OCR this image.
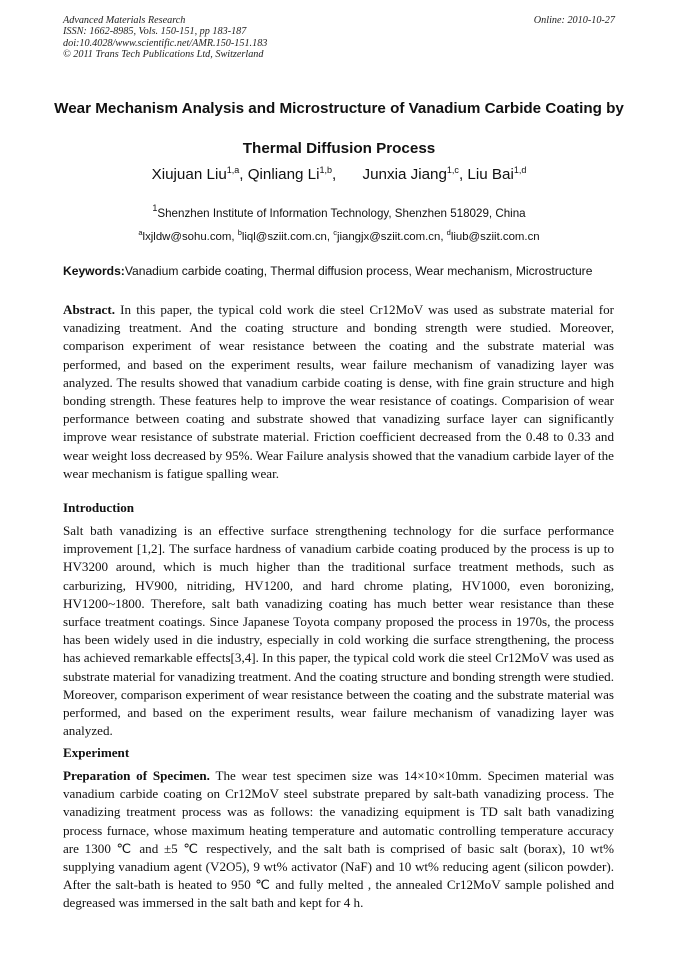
Advanced Materials Research
ISSN: 1662-8985, Vols. 150-151, pp 183-187
doi:10.4028/www.scientific.net/AMR.150-151.183
© 2011 Trans Tech Publications Ltd, Switzerland
Online: 2010-10-27
Wear Mechanism Analysis and Microstructure of Vanadium Carbide Coating by Thermal Diffusion Process
Xiujuan Liu$^{1,a}$, Qinliang Li$^{1,b}$, Junxia Jiang$^{1,c}$, Liu Bai$^{1,d}$
$^1$Shenzhen Institute of Information Technology, Shenzhen 518029, China
$^a$lxjldw@sohu.com, $^b$liql@sziit.com.cn, $^c$jiangjx@sziit.com.cn, $^d$liub@sziit.com.cn
Keywords:Vanadium carbide coating, Thermal diffusion process, Wear mechanism, Microstructure

Abstract. In this paper, the typical cold work die steel Cr12MoV was used as substrate material for vanadizing treatment. And the coating structure and bonding strength were studied. Moreover, comparison experiment of wear resistance between the coating and the substrate material was performed, and based on the experiment results, wear failure mechanism of vanadizing layer was analyzed. The results showed that vanadium carbide coating is dense, with fine grain structure and high bonding strength. These features help to improve the wear resistance of coatings. Comparision of wear performance between coating and substrate showed that vanadizing surface layer can significantly improve wear resistance of substrate material. Friction coefficient decreased from the 0.48 to 0.33 and wear weight loss decreased by 95%. Wear Failure analysis showed that the vanadium carbide layer of the wear mechanism is fatigue spalling wear.

Introduction

Salt bath vanadizing is an effective surface strengthening technology for die surface performance improvement [1,2]. The surface hardness of vanadium carbide coating produced by the process is up to HV3200 around, which is much higher than the traditional surface treatment methods, such as carburizing, HV900, nitriding, HV1200, and hard chrome plating, HV1000, even boronizing, HV1200~1800. Therefore, salt bath vanadizing coating has much better wear resistance than these surface treatment coatings. Since Japanese Toyota company proposed the process in 1970s, the process has been widely used in die industry, especially in cold working die surface strengthening, the process has achieved remarkable effects[3,4]. In this paper, the typical cold work die steel Cr12MoV was used as substrate material for vanadizing treatment. And the coating structure and bonding strength were studied. Moreover, comparison experiment of wear resistance between the coating and the substrate material was performed, and based on the experiment results, wear failure mechanism of vanadizing layer was analyzed.

Experiment

Preparation of Specimen. The wear test specimen size was 14×10×10mm. Specimen material was vanadium carbide coating on Cr12MoV steel substrate prepared by salt-bath vanadizing process. The vanadizing treatment process was as follows: the vanadizing equipment is TD salt bath vanadizing process furnace, whose maximum heating temperature and automatic controlling temperature accuracy are 1300 ℃ and ±5 ℃ respectively, and the salt bath is comprised of basic salt (borax), 10 wt% supplying vanadium agent (V2O5), 9 wt% activator (NaF) and 10 wt% reducing agent (silicon powder). After the salt-bath is heated to 950 ℃ and fully melted , the annealed Cr12MoV sample polished and degreased was immersed in the salt bath and kept for 4 h.
